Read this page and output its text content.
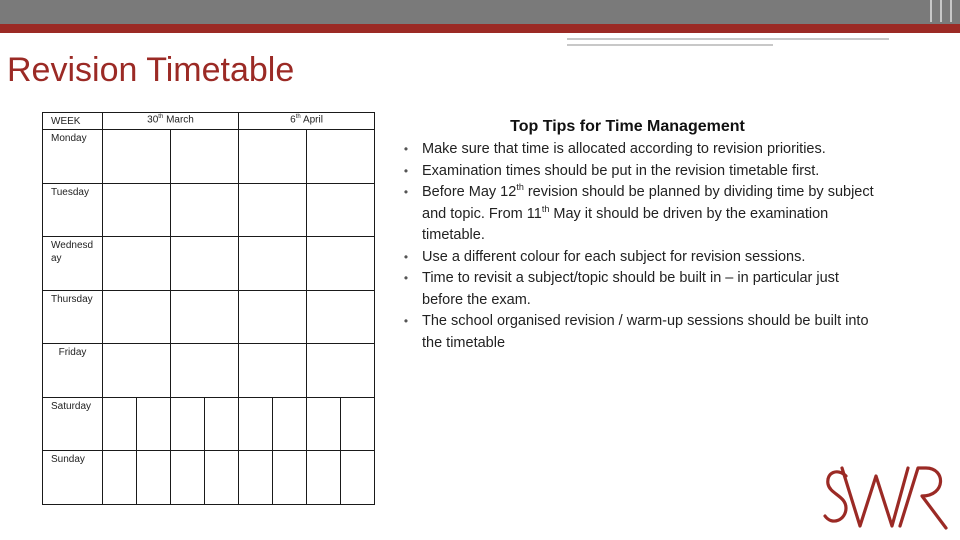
Revision Timetable
WEEK	30th March				6th April			
Monday								
Tuesday								
Wednesd ay								
Thursday								
Friday								
Saturday								
Sunday								
Top Tips for Time Management
• Make sure that time is allocated according to revision priorities.
• Examination times should be put in the revision timetable first.
• Before May 12th revision should be planned by dividing time by subject and topic. From 11th May it should be driven by the examination timetable.
• Use a different colour for each subject for revision sessions.
• Time to revisit a subject/topic should be built in – in particular just before the exam.
• The school organised revision / warm-up sessions should be built into the timetable
